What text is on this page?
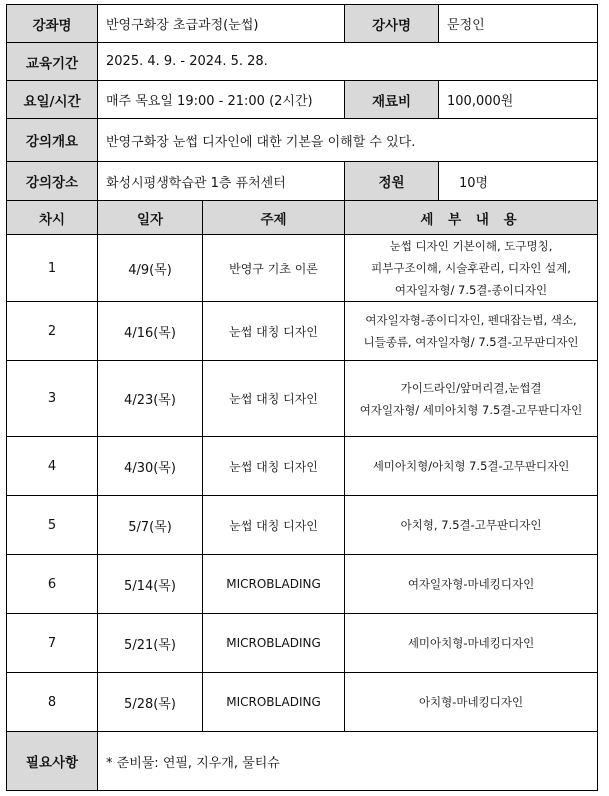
강좌명	반영구화장 초급과정(눈썹)		강사명	문정인
교육기간	2025. 4. 9. - 2024. 5. 28.			
요일/시간	매주 목요일 19:00 - 21:00 (2시간)		재료비	100,000원
강의개요	반영구화장 눈썹 디자인에 대한 기본을 이해할 수 있다.			
강의장소	화성시평생학습관 1층 퓨처센터		정원	10명
차시	일자	주제	세 부 내 용	
1	4/9(목)	반영구 기초 이론	눈썹 디자인 기본이해, 도구명칭,
피부구조이해, 시술후관리, 디자인 설계,
여자일자형/ 7.5결-종이디자인	

2	4/16(목)	눈썹 대칭 디자인	여자일자형-종이디자인, 펜대잡는법, 색소,
니들종류, 여자일자형/ 7.5결-고무판디자인	

3	4/23(목)	눈썹 대칭 디자인	가이드라인/앞머리결,눈썹결
여자일자형/ 세미아치형 7.5결-고무판디자인	

4	4/30(목)	눈썹 대칭 디자인	세미아치형/아치형 7.5결-고무판디자인	

5	5/7(목)	눈썹 대칭 디자인	아치형, 7.5결-고무판디자인	

6	5/14(목)	MICROBLADING	여자일자형-마네킹디자인	

7	5/21(목)	MICROBLADING	세미아치형-마네킹디자인	

8	5/28(목)	MICROBLADING	아치형-마네킹디자인	

필요사항	* 준비물: 연필, 지우개, 물티슈			
